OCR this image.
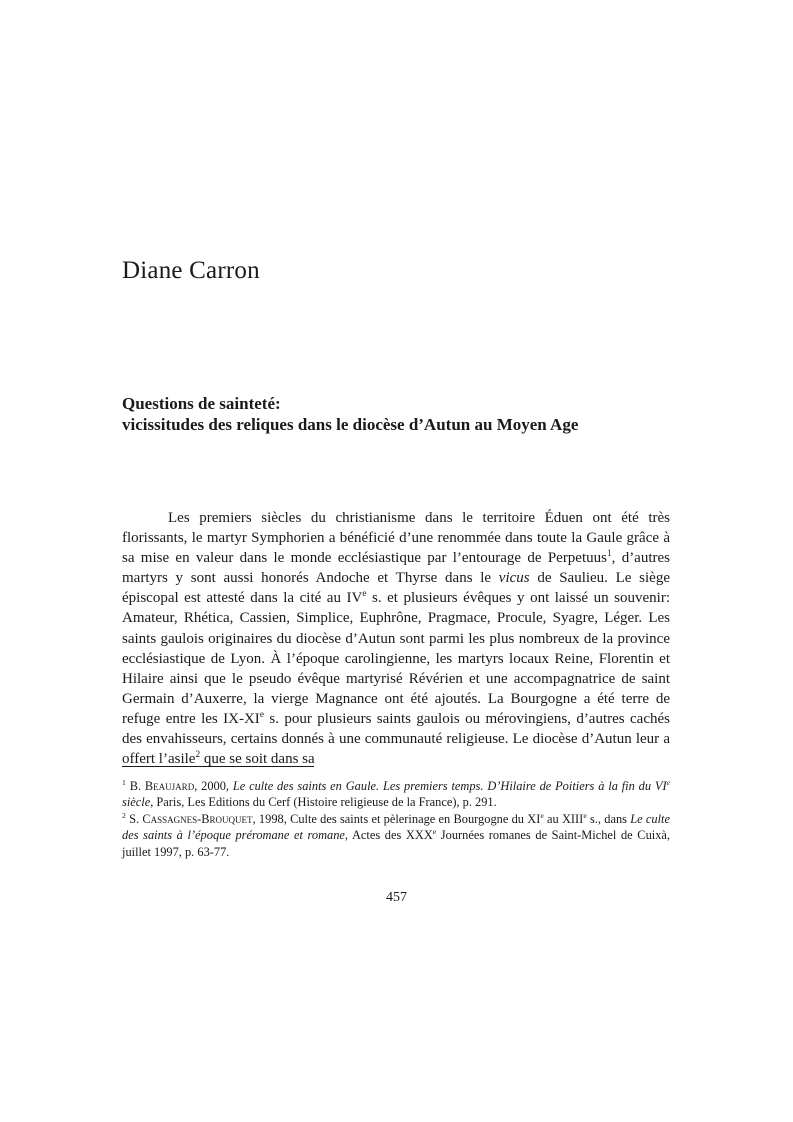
Diane Carron
Questions de sainteté:
vicissitudes des reliques dans le diocèse d’Autun au Moyen Age

Les premiers siècles du christianisme dans le territoire Éduen ont été très florissants, le martyr Symphorien a bénéficié d’une renommée dans toute la Gaule grâce à sa mise en valeur dans le monde ecclésiastique par l’entourage de Perpetuus$^1$, d’autres martyrs y sont aussi honorés Andoche et Thyrse dans le vicus de Saulieu. Le siège épiscopal est attesté dans la cité au IVe s. et plusieurs évêques y ont laissé un souvenir: Amateur, Rhética, Cassien, Simplice, Euphrône, Pragmace, Procule, Syagre, Léger. Les saints gaulois originaires du diocèse d’Autun sont parmi les plus nombreux de la province ecclésiastique de Lyon. À l’époque carolingienne, les martyrs locaux Reine, Florentin et Hilaire ainsi que le pseudo évêque martyrisé Révérien et une accompagnatrice de saint Germain d’Auxerre, la vierge Magnance ont été ajoutés. La Bourgogne a été terre de refuge entre les IX-XIe s. pour plusieurs saints gaulois ou mérovingiens, d’autres cachés des envahisseurs, certains donnés à une communauté religieuse. Le diocèse d’Autun leur a offert l’asile$^2$ que se soit dans sa

$^1$ B. Beaujard, 2000, Le culte des saints en Gaule. Les premiers temps. D’Hilaire de Poitiers à la fin du VIe siècle, Paris, Les Editions du Cerf (Histoire religieuse de la France), p. 291.

$^2$ S. Cassagnes-Brouquet, 1998, Culte des saints et pèlerinage en Bourgogne du XIe au XIIIe s., dans Le culte des saints à l’époque préromane et romane, Actes des XXXe Journées romanes de Saint-Michel de Cuixà, juillet 1997, p. 63-77.

457
